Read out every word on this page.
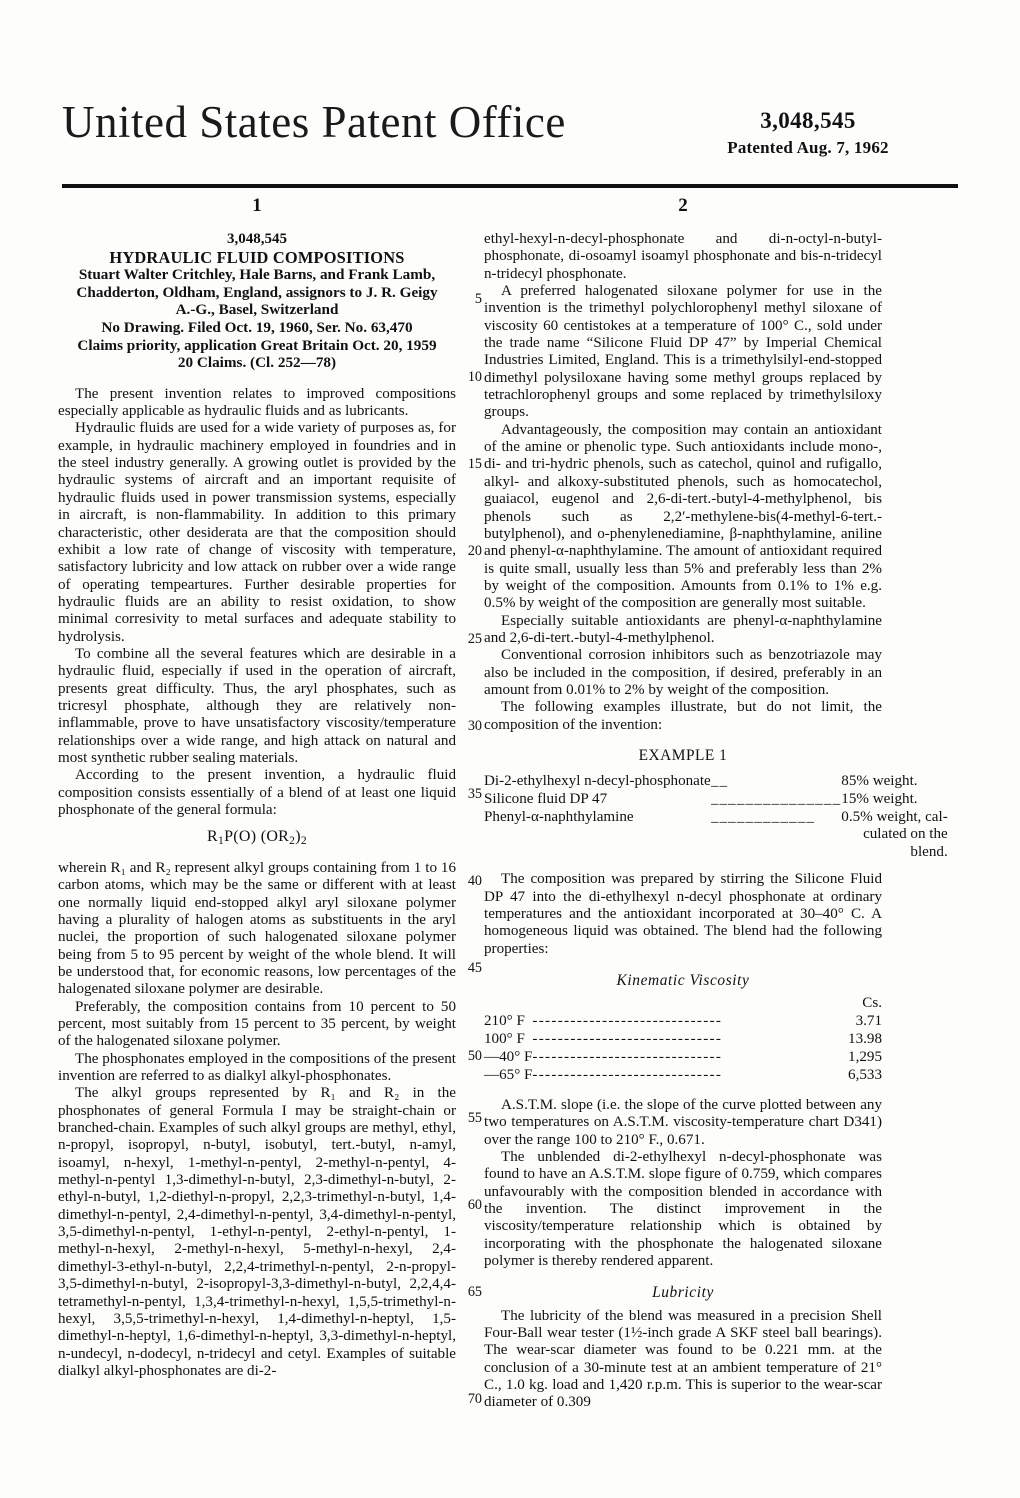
United States Patent Office	3,048,545
Patented Aug. 7, 1962
5
10
15
20
25
30
35
40
45
50
55
60
65
70
1
3,048,545
HYDRAULIC FLUID COMPOSITIONS
Stuart Walter Critchley, Hale Barns, and Frank Lamb,
Chadderton, Oldham, England, assignors to J. R. Geigy
A.-G., Basel, Switzerland
No Drawing. Filed Oct. 19, 1960, Ser. No. 63,470
Claims priority, application Great Britain Oct. 20, 1959
20 Claims. (Cl. 252—78)

The present invention relates to improved compositions especially applicable as hydraulic fluids and as lubricants.

Hydraulic fluids are used for a wide variety of purposes as, for example, in hydraulic machinery employed in foundries and in the steel industry generally. A growing outlet is provided by the hydraulic systems of aircraft and an important requisite of hydraulic fluids used in power transmission systems, especially in aircraft, is non-flammability. In addition to this primary characteristic, other desiderata are that the composition should exhibit a low rate of change of viscosity with temperature, satisfactory lubricity and low attack on rubber over a wide range of operating tempeartures. Further desirable properties for hydraulic fluids are an ability to resist oxidation, to show minimal corresivity to metal surfaces and adequate stability to hydrolysis.

To combine all the several features which are desirable in a hydraulic fluid, especially if used in the operation of aircraft, presents great difficulty. Thus, the aryl phosphates, such as tricresyl phosphate, although they are relatively non-inflammable, prove to have unsatisfactory viscosity/temperature relationships over a wide range, and high attack on natural and most synthetic rubber sealing materials.

According to the present invention, a hydraulic fluid composition consists essentially of a blend of at least one liquid phosphonate of the general formula:

$R_1P(O)$ $(OR_2)_2$

wherein R₁ and R₂ represent alkyl groups containing from 1 to 16 carbon atoms, which may be the same or different with at least one normally liquid end-stopped alkyl aryl siloxane polymer having a plurality of halogen atoms as substituents in the aryl nuclei, the proportion of such halogenated siloxane polymer being from 5 to 95 percent by weight of the whole blend. It will be understood that, for economic reasons, low percentages of the halogenated siloxane polymer are desirable.

Preferably, the composition contains from 10 percent to 50 percent, most suitably from 15 percent to 35 percent, by weight of the halogenated siloxane polymer.

The phosphonates employed in the compositions of the present invention are referred to as dialkyl alkyl-phosphonates.

The alkyl groups represented by R₁ and R₂ in the phosphonates of general Formula I may be straight-chain or branched-chain. Examples of such alkyl groups are methyl, ethyl, n-propyl, isopropyl, n-butyl, isobutyl, tert.-butyl, n-amyl, isoamyl, n-hexyl, 1-methyl-n-pentyl, 2-methyl-n-pentyl, 4-methyl-n-pentyl 1,3-dimethyl-n-butyl, 2,3-dimethyl-n-butyl, 2-ethyl-n-butyl, 1,2-diethyl-n-propyl, 2,2,3-trimethyl-n-butyl, 1,4-dimethyl-n-pentyl, 2,4-dimethyl-n-pentyl, 3,4-dimethyl-n-pentyl, 3,5-dimethyl-n-pentyl, 1-ethyl-n-pentyl, 2-ethyl-n-pentyl, 1-methyl-n-hexyl, 2-methyl-n-hexyl, 5-methyl-n-hexyl, 2,4-dimethyl-3-ethyl-n-butyl, 2,2,4-trimethyl-n-pentyl, 2-n-propyl-3,5-dimethyl-n-butyl, 2-isopropyl-3,3-dimethyl-n-butyl, 2,2,4,4-tetramethyl-n-pentyl, 1,3,4-trimethyl-n-hexyl, 1,5,5-trimethyl-n-hexyl, 3,5,5-trimethyl-n-hexyl, 1,4-dimethyl-n-heptyl, 1,5-dimethyl-n-heptyl, 1,6-dimethyl-n-heptyl, 3,3-dimethyl-n-heptyl, n-undecyl, n-dodecyl, n-tridecyl and cetyl. Examples of suitable dialkyl alkyl-phosphonates are di-2-

2

ethyl-hexyl-n-decyl-phosphonate and di-n-octyl-n-butyl-phosphonate, di-osoamyl isoamyl phosphonate and bis-n-tridecyl n-tridecyl phosphonate.

A preferred halogenated siloxane polymer for use in the invention is the trimethyl polychlorophenyl methyl siloxane of viscosity 60 centistokes at a temperature of 100° C., sold under the trade name “Silicone Fluid DP 47” by Imperial Chemical Industries Limited, England. This is a trimethylsilyl-end-stopped dimethyl polysiloxane having some methyl groups replaced by tetrachlorophenyl groups and some replaced by trimethylsiloxy groups.

Advantageously, the composition may contain an antioxidant of the amine or phenolic type. Such antioxidants include mono-, di- and tri-hydric phenols, such as catechol, quinol and rufigallo, alkyl- and alkoxy-substituted phenols, such as homocatechol, guaiacol, eugenol and 2,6-di-tert.-butyl-4-methylphenol, bis phenols such as 2,2′-methylene-bis(4-methyl-6-tert.-butylphenol), and o-phenylenediamine, β-naphthylamine, aniline and phenyl-α-naphthylamine. The amount of antioxidant required is quite small, usually less than 5% and preferably less than 2% by weight of the composition. Amounts from 0.1% to 1% e.g. 0.5% by weight of the composition are generally most suitable.

Especially suitable antioxidants are phenyl-α-naphthylamine and 2,6-di-tert.-butyl-4-methylphenol.

Conventional corrosion inhibitors such as benzotriazole may also be included in the composition, if desired, preferably in an amount from 0.01% to 2% by weight of the composition.

The following examples illustrate, but do not limit, the composition of the invention:

EXAMPLE 1
Di-2-ethylhexyl n-decyl-phosphonate	__	85% weight.
Silicone fluid DP 47	_______________	15% weight.
Phenyl-α-naphthylamine	____________	0.5% weight, cal-
culated on the		
blend.		

The composition was prepared by stirring the Silicone Fluid DP 47 into the di-ethylhexyl n-decyl phosphonate at ordinary temperatures and the antioxidant incorporated at 30–40° C. A homogeneous liquid was obtained. The blend had the following properties:

Kinematic Viscosity
Cs.		
210° F	------------------------------	3.71
100° F	------------------------------	13.98
—40° F	------------------------------	1,295
—65° F	------------------------------	6,533

A.S.T.M. slope (i.e. the slope of the curve plotted between any two temperatures on A.S.T.M. viscosity-temperature chart D341) over the range 100 to 210° F., 0.671.

The unblended di-2-ethylhexyl n-decyl-phosphonate was found to have an A.S.T.M. slope figure of 0.759, which compares unfavourably with the composition blended in accordance with the invention. The distinct improvement in the viscosity/temperature relationship which is obtained by incorporating with the phosphonate the halogenated siloxane polymer is thereby rendered apparent.

Lubricity

The lubricity of the blend was measured in a precision Shell Four-Ball wear tester (1½-inch grade A SKF steel ball bearings). The wear-scar diameter was found to be 0.221 mm. at the conclusion of a 30-minute test at an ambient temperature of 21° C., 1.0 kg. load and 1,420 r.p.m. This is superior to the wear-scar diameter of 0.309
